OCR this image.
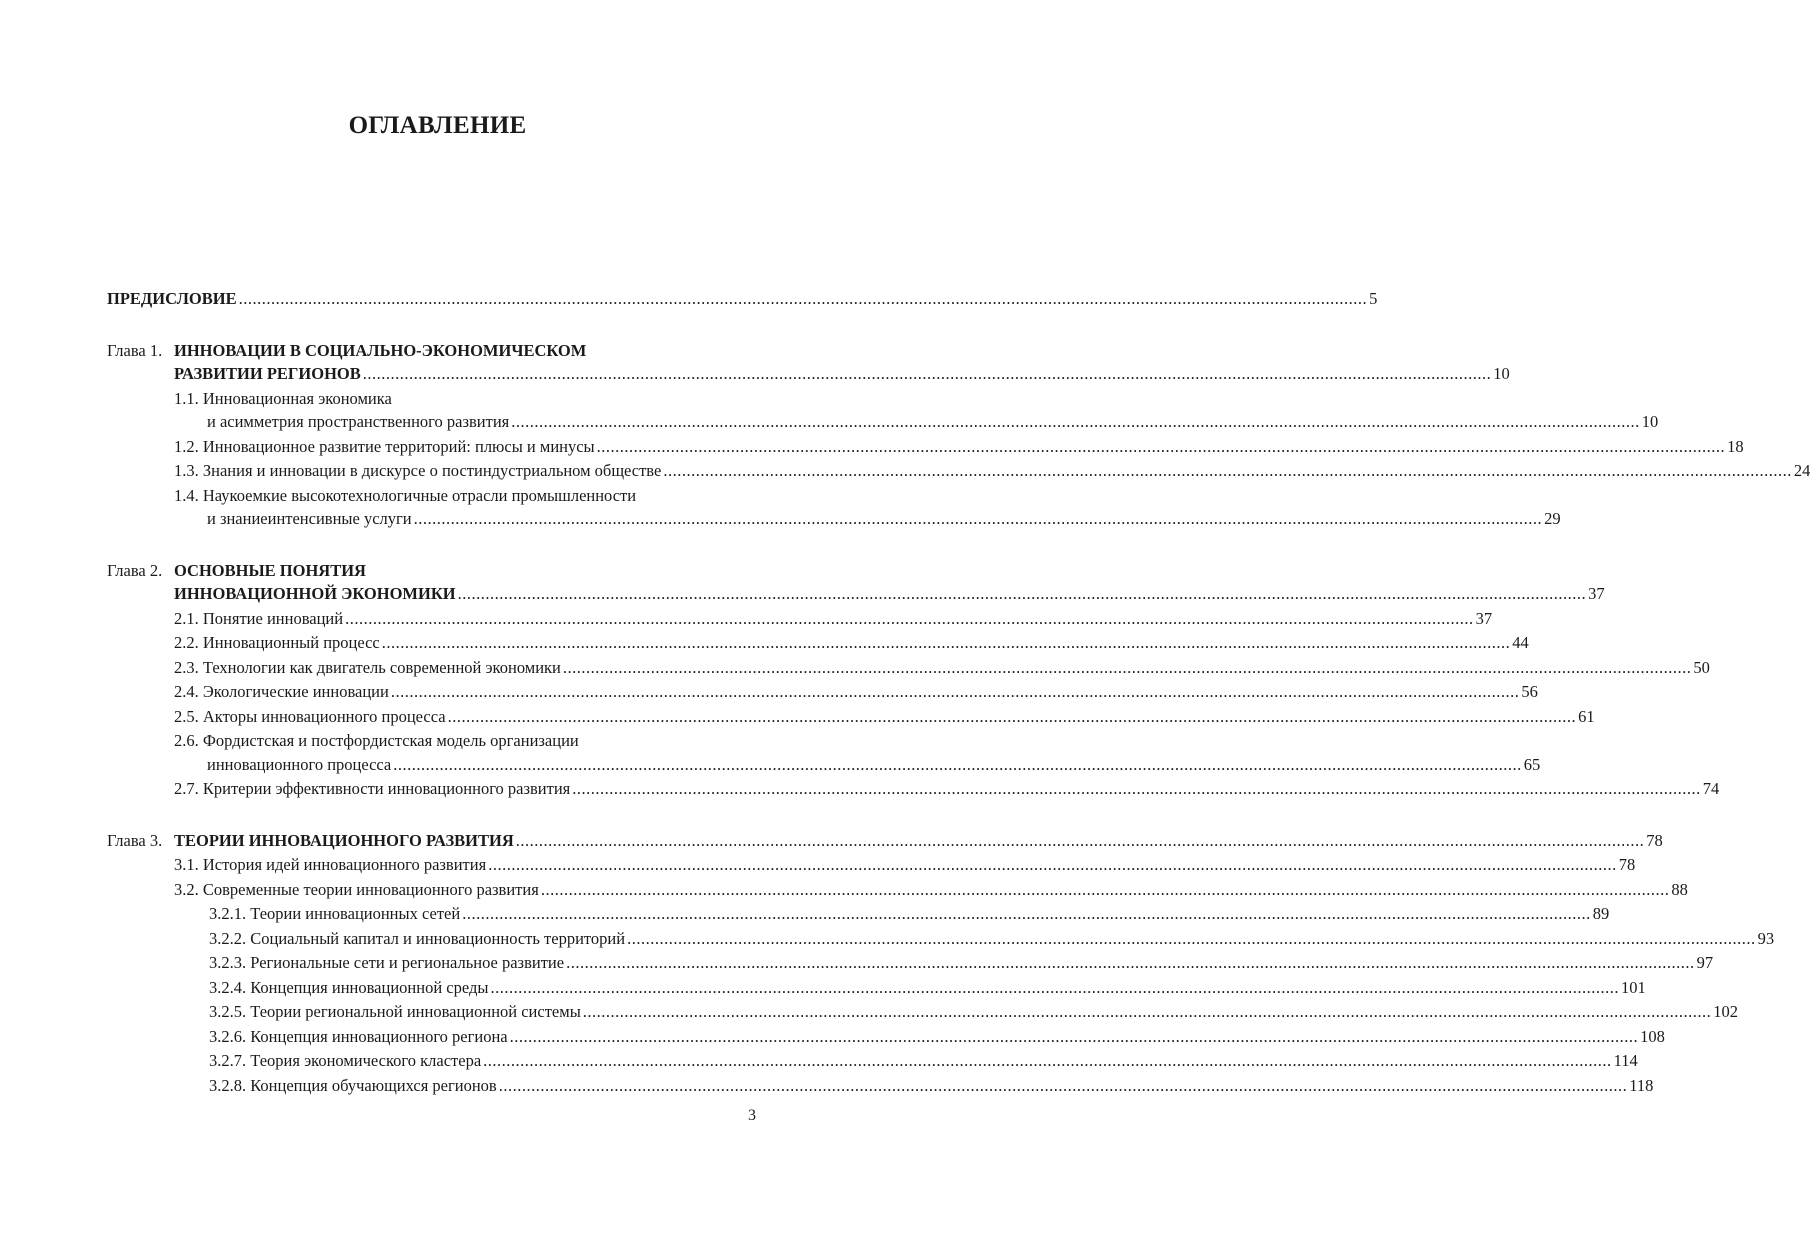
ОГЛАВЛЕНИЕ
ПРЕДИСЛОВИЕ .....	5
Глава 1. ИННОВАЦИИ В СОЦИАЛЬНО-ЭКОНОМИЧЕСКОМ
РАЗВИТИИ РЕГИОНОВ .....	10
1.1. Инновационная экономика
и асимметрия пространственного развития .....	10
1.2. Инновационное развитие территорий: плюсы и минусы .....	18
1.3. Знания и инновации в дискурсе о постиндустриальном обществе .....	24
1.4. Наукоемкие высокотехнологичные отрасли промышленности
и знаниеинтенсивные услуги .....	29
Глава 2. ОСНОВНЫЕ ПОНЯТИЯ
ИННОВАЦИОННОЙ ЭКОНОМИКИ .....	37
2.1. Понятие инноваций .....	37
2.2. Инновационный процесс .....	44
2.3. Технологии как двигатель современной экономики .....	50
2.4. Экологические инновации .....	56
2.5. Акторы инновационного процесса .....	61
2.6. Фордистская и постфордистская модель организации
инновационного процесса .....	65
2.7. Критерии эффективности инновационного развития .....	74
Глава 3. ТЕОРИИ ИННОВАЦИОННОГО РАЗВИТИЯ .....	78
3.1. История идей инновационного развития .....	78
3.2. Современные теории инновационного развития .....	88
3.2.1. Теории инновационных сетей .....	89
3.2.2. Социальный капитал и инновационность территорий .....	93
3.2.3. Региональные сети и региональное развитие .....	97
3.2.4. Концепция инновационной среды .....	101
3.2.5. Теории региональной инновационной системы .....	102
3.2.6. Концепция инновационного региона .....	108
3.2.7. Теория экономического кластера .....	114
3.2.8. Концепция обучающихся регионов .....	118
3
